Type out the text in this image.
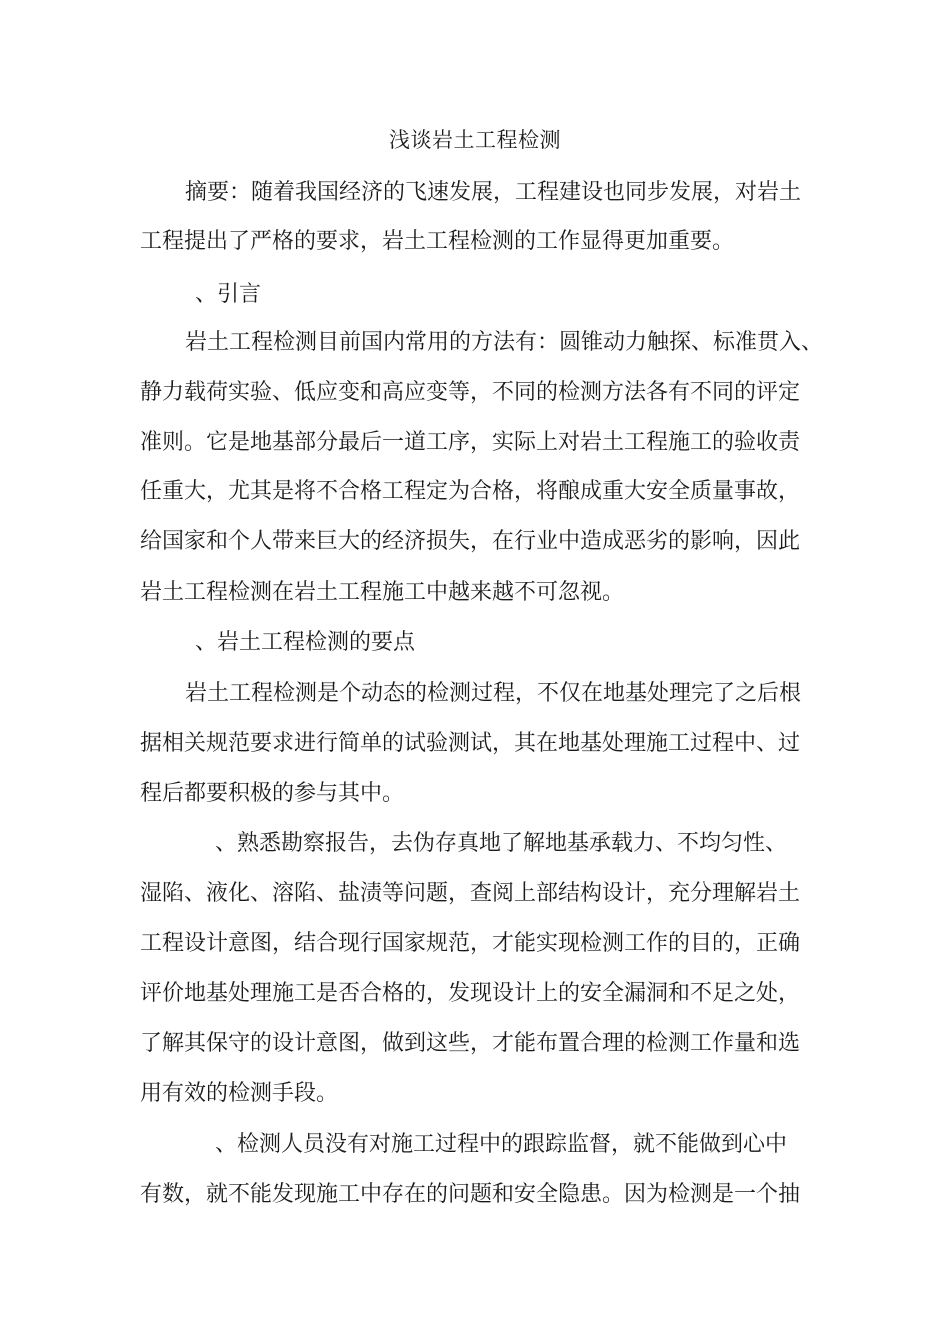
浅谈岩土工程检测
摘要：随着我国经济的飞速发展，工程建设也同步发展，对岩土
工程提出了严格的要求，岩土工程检测的工作显得更加重要。
、引言
岩土工程检测目前国内常用的方法有：圆锥动力触探、标准贯入、
静力载荷实验、低应变和高应变等，不同的检测方法各有不同的评定
准则。它是地基部分最后一道工序，实际上对岩土工程施工的验收责
任重大，尤其是将不合格工程定为合格，将酿成重大安全质量事故，
给国家和个人带来巨大的经济损失，在行业中造成恶劣的影响，因此
岩土工程检测在岩土工程施工中越来越不可忽视。
、岩土工程检测的要点
岩土工程检测是个动态的检测过程，不仅在地基处理完了之后根
据相关规范要求进行简单的试验测试，其在地基处理施工过程中、过
程后都要积极的参与其中。
、熟悉勘察报告，去伪存真地了解地基承载力、不均匀性、
湿陷、液化、溶陷、盐渍等问题，查阅上部结构设计，充分理解岩土
工程设计意图，结合现行国家规范，才能实现检测工作的目的，正确
评价地基处理施工是否合格的，发现设计上的安全漏洞和不足之处，
了解其保守的设计意图，做到这些，才能布置合理的检测工作量和选
用有效的检测手段。
、检测人员没有对施工过程中的跟踪监督，就不能做到心中
有数，就不能发现施工中存在的问题和安全隐患。因为检测是一个抽
